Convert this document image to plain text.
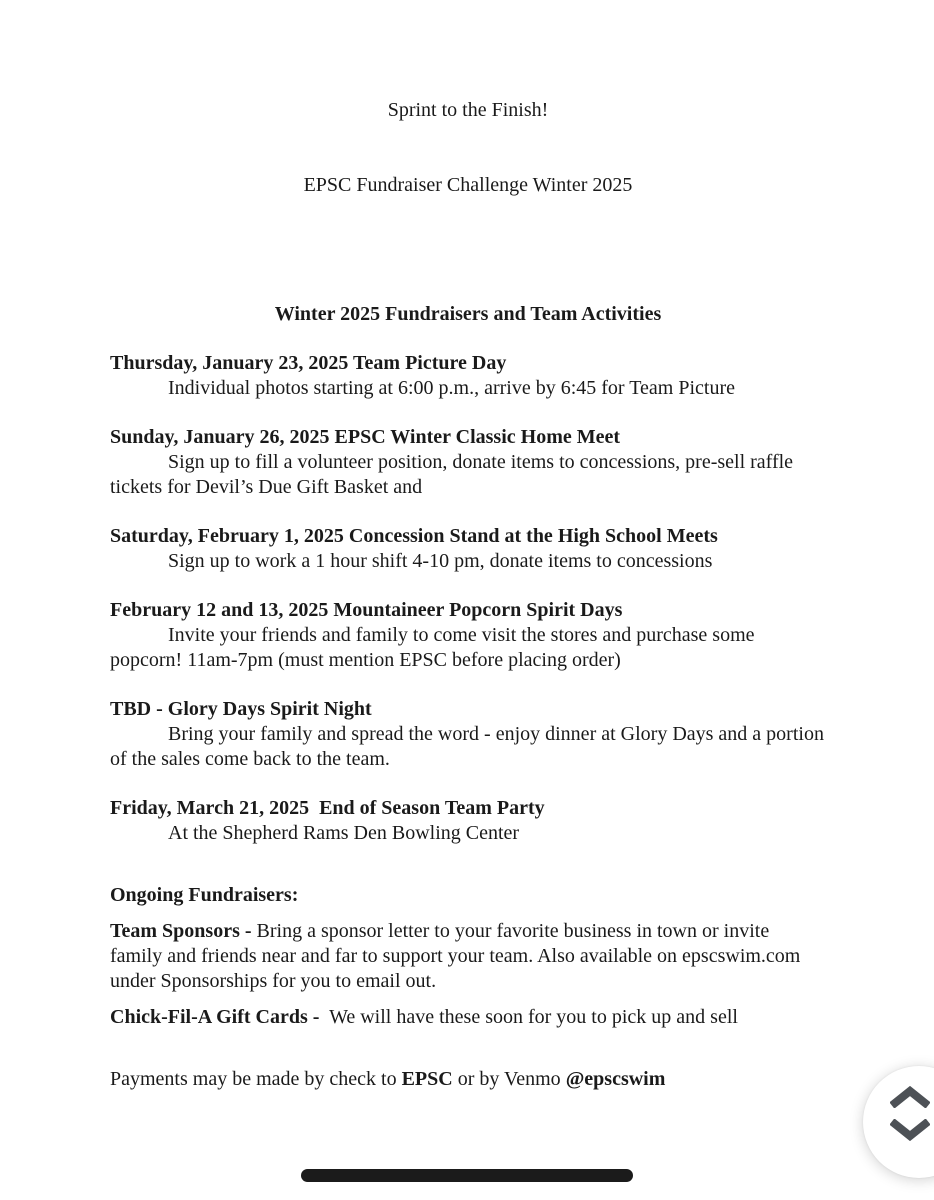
Sprint to the Finish!

EPSC Fundraiser Challenge Winter 2025

Winter 2025 Fundraisers and Team Activities
Thursday, January 23, 2025 Team Picture Day

Individual photos starting at 6:00 p.m., arrive by 6:45 for Team Picture

Sunday, January 26, 2025 EPSC Winter Classic Home Meet

Sign up to fill a volunteer position, donate items to concessions, pre-sell raffle tickets for Devil’s Due Gift Basket and

Saturday, February 1, 2025 Concession Stand at the High School Meets

Sign up to work a 1 hour shift 4-10 pm, donate items to concessions

February 12 and 13, 2025 Mountaineer Popcorn Spirit Days

Invite your friends and family to come visit the stores and purchase some popcorn! 11am-7pm (must mention EPSC before placing order)

TBD - Glory Days Spirit Night

Bring your family and spread the word - enjoy dinner at Glory Days and a portion of the sales come back to the team.

Friday, March 21, 2025  End of Season Team Party

At the Shepherd Rams Den Bowling Center

Ongoing Fundraisers:

Team Sponsors - Bring a sponsor letter to your favorite business in town or invite family and friends near and far to support your team. Also available on epscswim.com under Sponsorships for you to email out.

Chick-Fil-A Gift Cards -  We will have these soon for you to pick up and sell

Payments may be made by check to EPSC or by Venmo @epscswim
